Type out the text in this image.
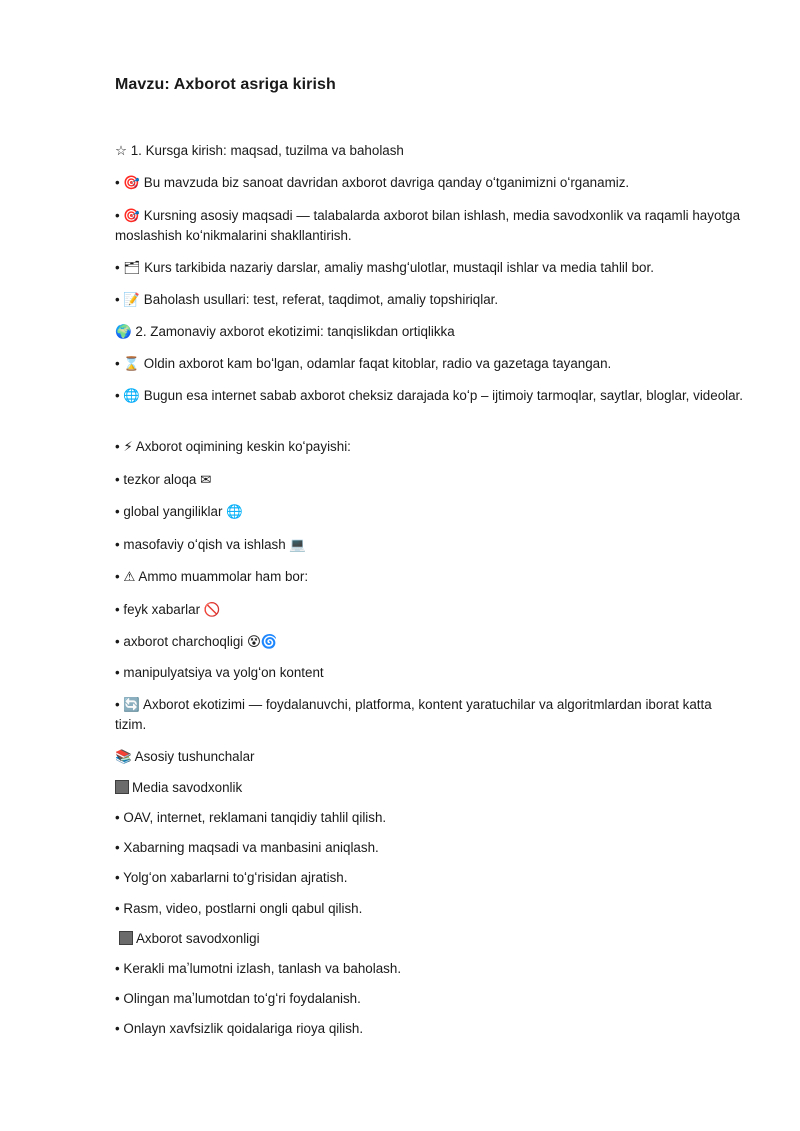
Mavzu: Axborot asriga kirish
☆ 1. Kursga kirish: maqsad, tuzilma va baholash
• 🎯 Bu mavzuda biz sanoat davridan axborot davriga qanday oʻtganimizni oʻrganamiz.
• 🎯 Kursning asosiy maqsadi — talabalarda axborot bilan ishlash, media savodxonlik va raqamli hayotga moslashish koʻnikmalarini shakllantirish.
• 🗂 Kurs tarkibida nazariy darslar, amaliy mashgʻulotlar, mustaqil ishlar va media tahlil bor.
• 📝 Baholash usullari: test, referat, taqdimot, amaliy topshiriqlar.
🌍 2. Zamonaviy axborot ekotizimi: tanqislikdan ortiqlikka
• ⌛ Oldin axborot kam boʻlgan, odamlar faqat kitoblar, radio va gazetaga tayangan.
• 🌐 Bugun esa internet sabab axborot cheksiz darajada koʻp – ijtimoiy tarmoqlar, saytlar, bloglar, videolar.
• ⚡ Axborot oqimining keskin koʻpayishi:
• tezkor aloqa ✉
• global yangiliklar 🌐
• masofaviy oʻqish va ishlash 💻
• ⚠ Ammo muammolar ham bor:
• feyk xabarlar 🚫
• axborot charchoqligi 😵🌀
• manipulyatsiya va yolgʻon kontent
• 🔄 Axborot ekotizimi — foydalanuvchi, platforma, kontent yaratuchilar va algoritmlardan iborat katta tizim.
📚 Asosiy tushunchalar
Media savodxonlik
• OAV, internet, reklamani tanqidiy tahlil qilish.
• Xabarning maqsadi va manbasini aniqlash.
• Yolgʻon xabarlarni toʻgʻrisidan ajratish.
• Rasm, video, postlarni ongli qabul qilish.
Axborot savodxonligi
• Kerakli maʼlumotni izlash, tanlash va baholash.
• Olingan maʼlumotdan toʻgʻri foydalanish.
• Onlayn xavfsizlik qoidalariga rioya qilish.
